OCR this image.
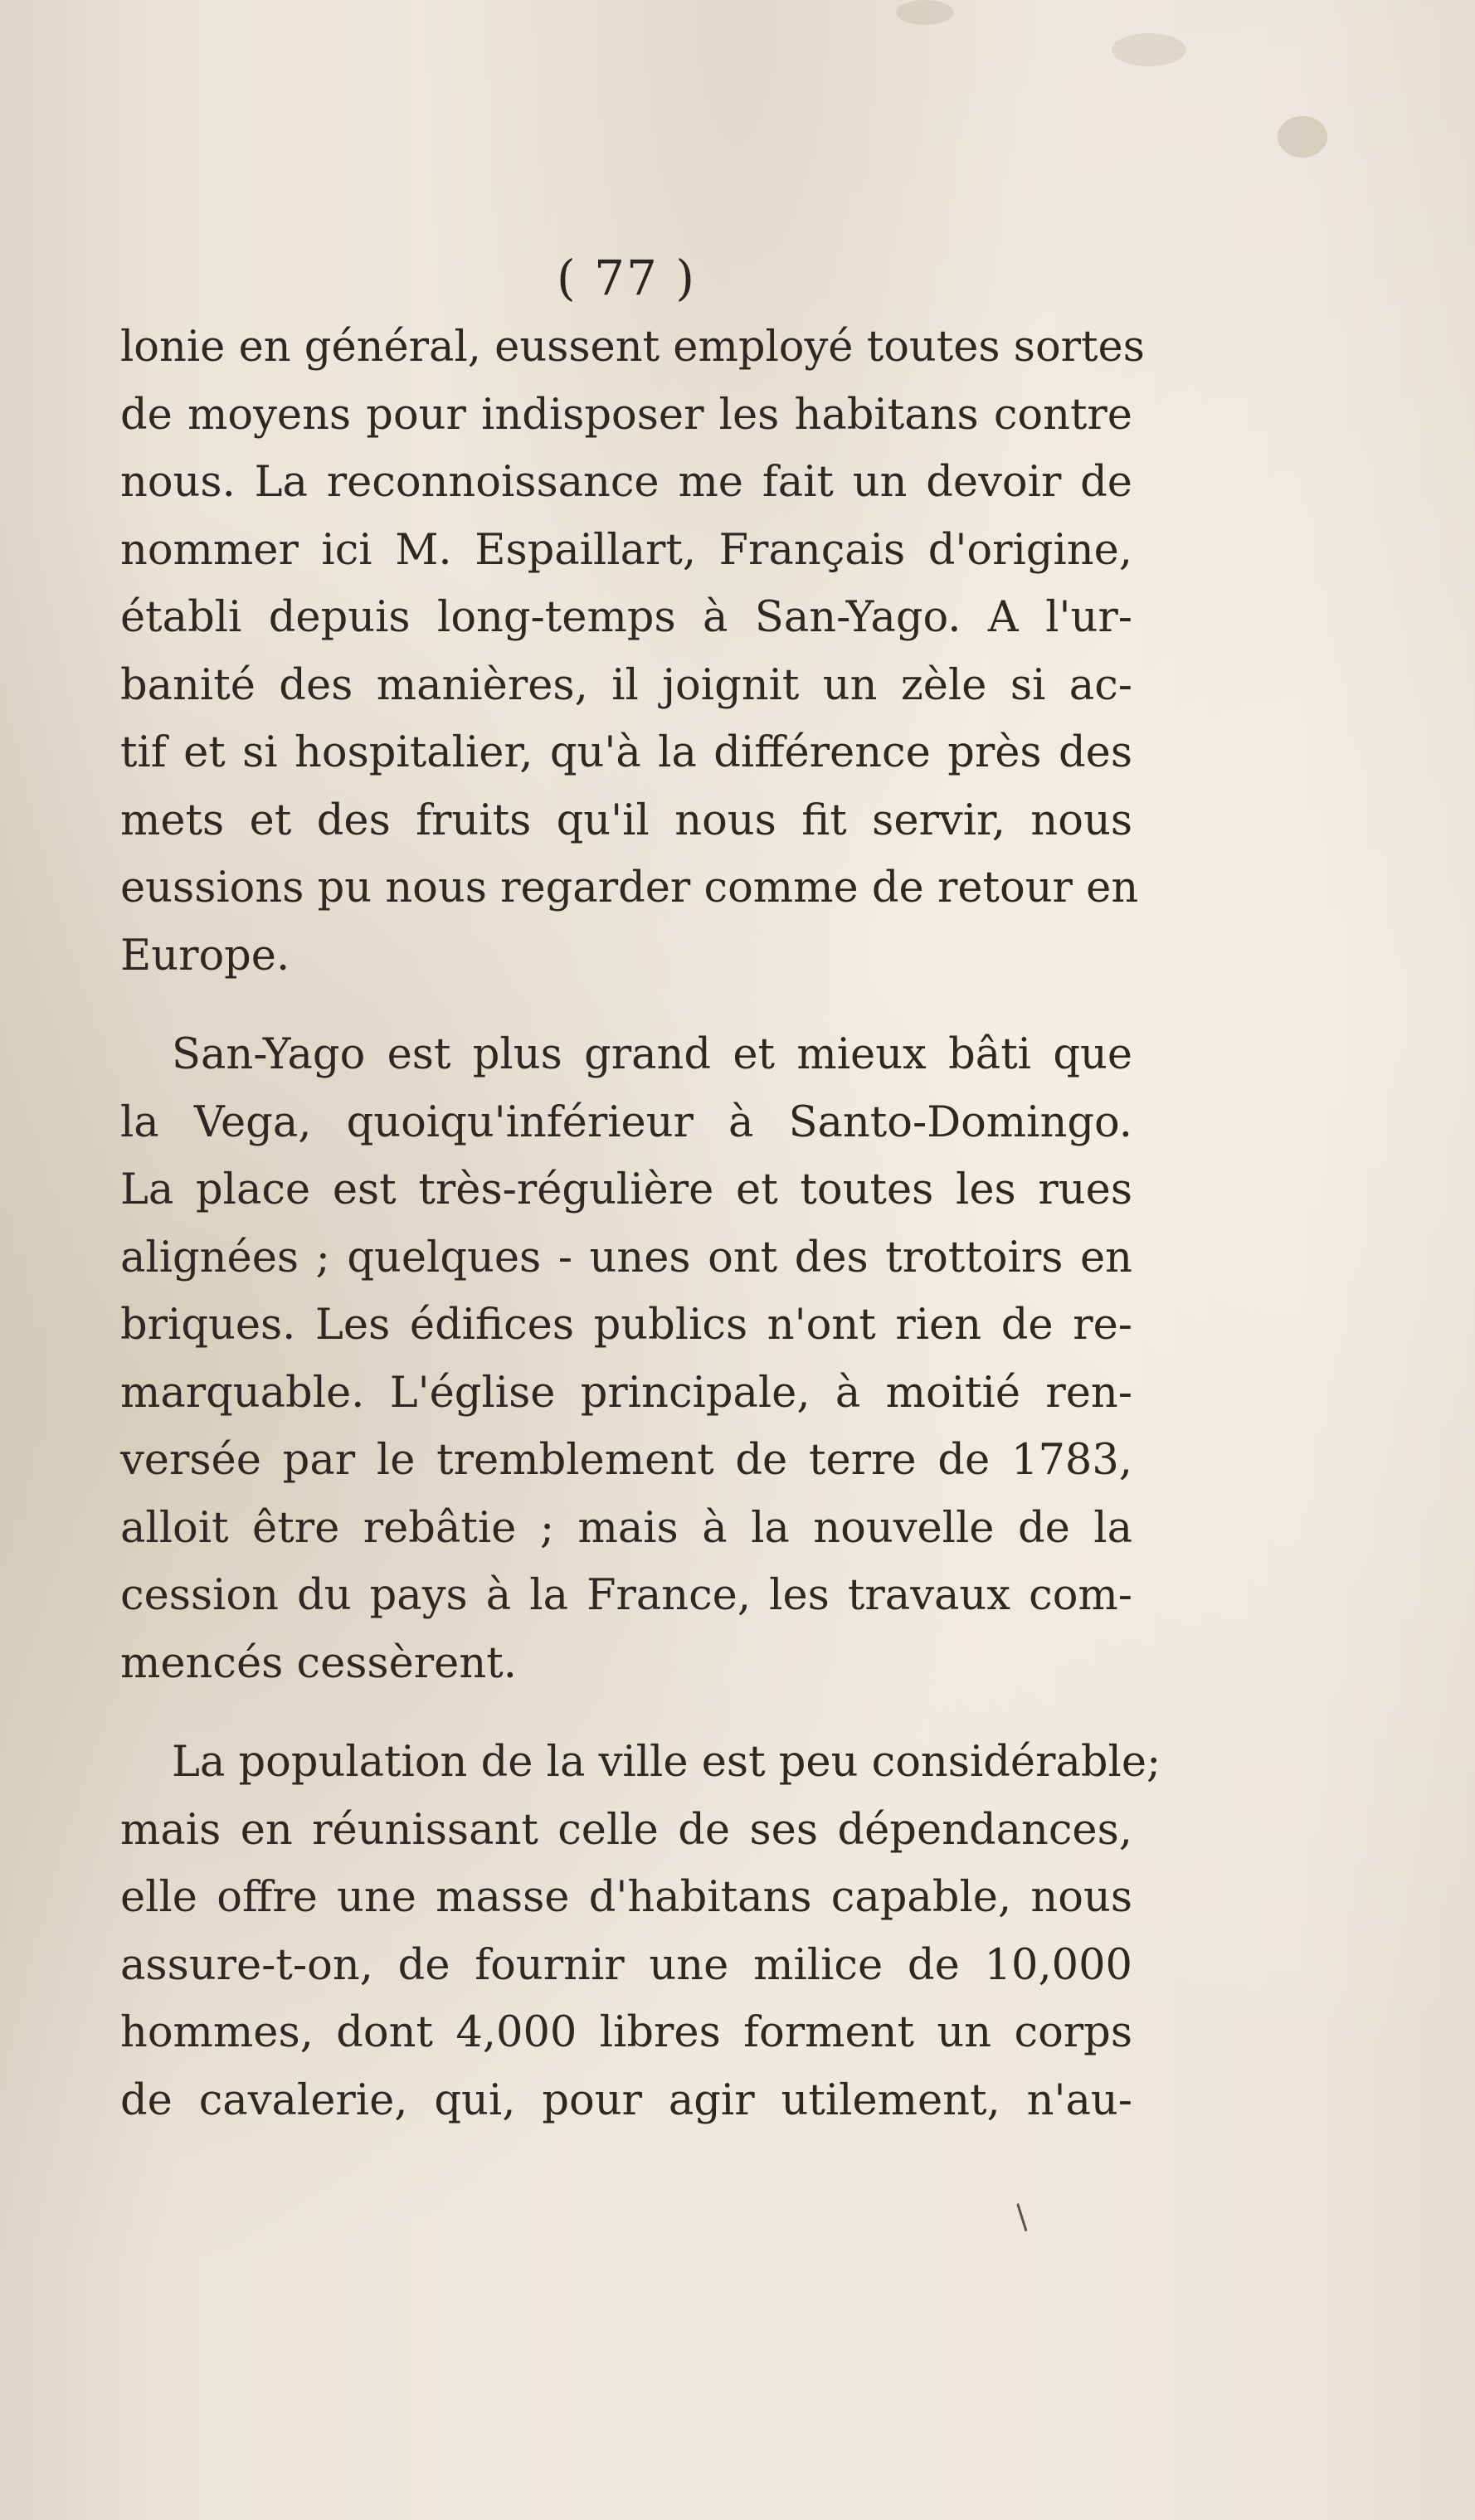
( 77 )

lonie en général, eussent employé toutes sortes
de moyens pour indisposer les habitans contre
nous. La reconnoissance me fait un devoir de
nommer ici M. Espaillart, Français d'origine,
établi depuis long-temps à San-Yago. A l'ur-
banité des manières, il joignit un zèle si ac-
tif et si hospitalier, qu'à la différence près des
mets et des fruits qu'il nous fit servir, nous
eussions pu nous regarder comme de retour en
Europe.

San-Yago est plus grand et mieux bâti que
la Vega, quoiqu'inférieur à Santo-Domingo.
La place est très-régulière et toutes les rues
alignées ; quelques - unes ont des trottoirs en
briques. Les édifices publics n'ont rien de re-
marquable. L'église principale, à moitié ren-
versée par le tremblement de terre de 1783,
alloit être rebâtie ; mais à la nouvelle de la
cession du pays à la France, les travaux com-
mencés cessèrent.

La population de la ville est peu considérable;
mais en réunissant celle de ses dépendances,
elle offre une masse d'habitans capable, nous
assure-t-on, de fournir une milice de 10,000
hommes, dont 4,000 libres forment un corps
de cavalerie, qui, pour agir utilement, n'au-

/
